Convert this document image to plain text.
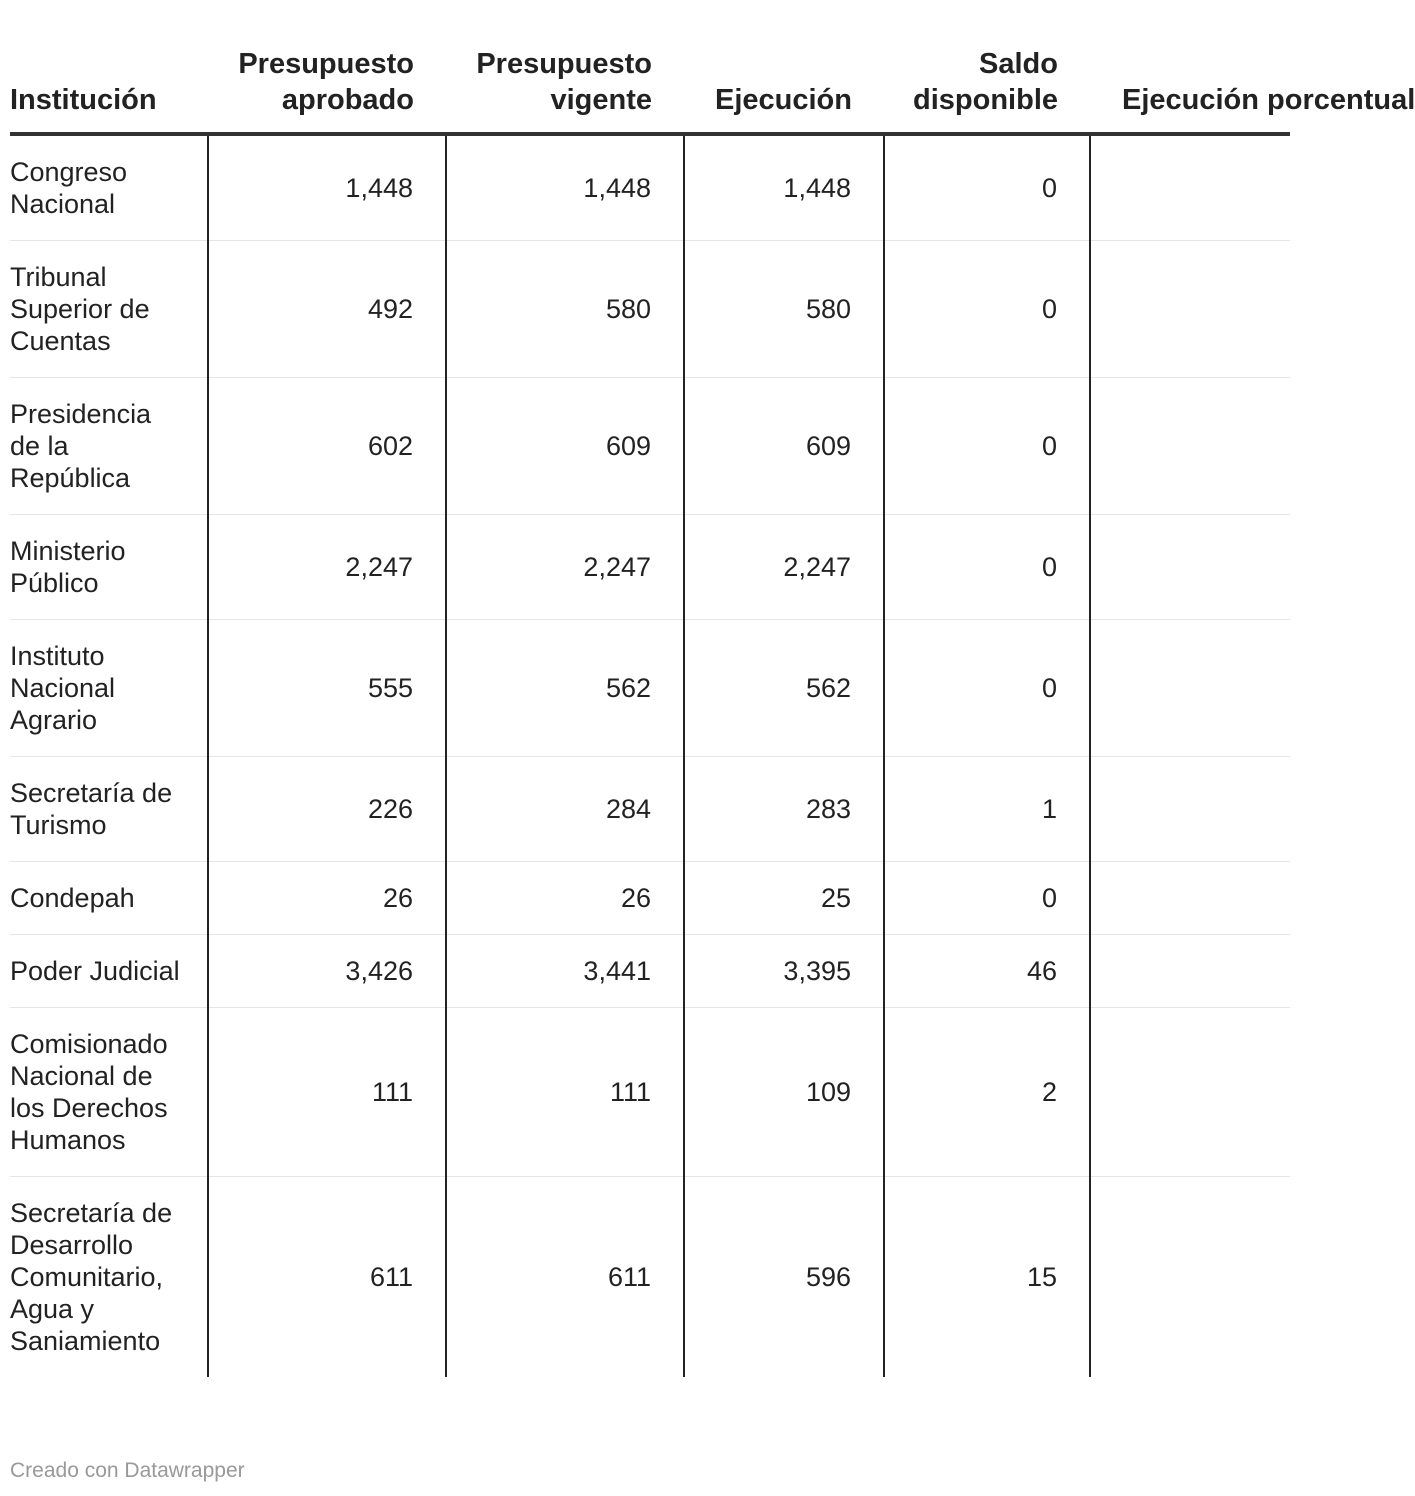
Institución	Presupuesto aprobado	Presupuesto vigente	Ejecución	Saldo disponible	Ejecución porcentual
Congreso Nacional	1,448	1,448	1,448	0	
Tribunal Superior de Cuentas	492	580	580	0	
Presidencia de la República	602	609	609	0	
Ministerio Público	2,247	2,247	2,247	0	
Instituto Nacional Agrario	555	562	562	0	
Secretaría de Turismo	226	284	283	1	
Condepah	26	26	25	0	
Poder Judicial	3,426	3,441	3,395	46	
Comisionado Nacional de los Derechos Humanos	111	111	109	2	
Secretaría de Desarrollo Comunitario, Agua y Saniamiento	611	611	596	15	
Creado con Datawrapper
